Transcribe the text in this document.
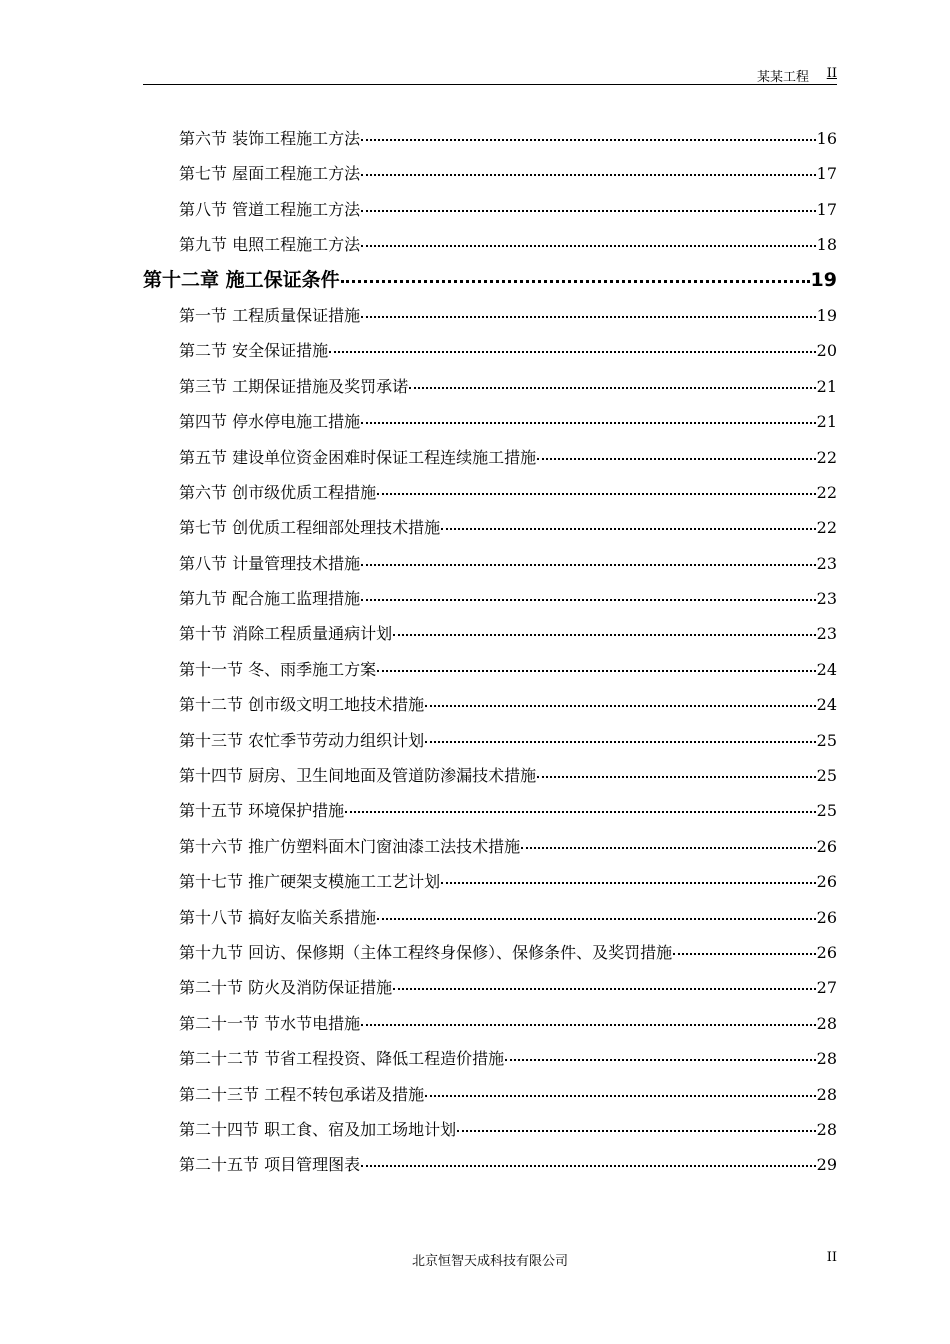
某某工程 II
第六节 装饰工程施工方法	16
第七节 屋面工程施工方法	17
第八节 管道工程施工方法	17
第九节 电照工程施工方法	18
第十二章 施工保证条件	19
第一节 工程质量保证措施	19
第二节 安全保证措施	20
第三节 工期保证措施及奖罚承诺	21
第四节 停水停电施工措施	21
第五节 建设单位资金困难时保证工程连续施工措施	22
第六节 创市级优质工程措施	22
第七节 创优质工程细部处理技术措施	22
第八节 计量管理技术措施	23
第九节 配合施工监理措施	23
第十节 消除工程质量通病计划	23
第十一节 冬、雨季施工方案	24
第十二节 创市级文明工地技术措施	24
第十三节 农忙季节劳动力组织计划	25
第十四节 厨房、卫生间地面及管道防渗漏技术措施	25
第十五节 环境保护措施	25
第十六节 推广仿塑料面木门窗油漆工法技术措施	26
第十七节 推广硬架支模施工工艺计划	26
第十八节 搞好友临关系措施	26
第十九节 回访、保修期（主体工程终身保修）、保修条件、及奖罚措施	26
第二十节 防火及消防保证措施	27
第二十一节 节水节电措施	28
第二十二节 节省工程投资、降低工程造价措施	28
第二十三节 工程不转包承诺及措施	28
第二十四节 职工食、宿及加工场地计划	28
第二十五节 项目管理图表	29
北京恒智天成科技有限公司	II
